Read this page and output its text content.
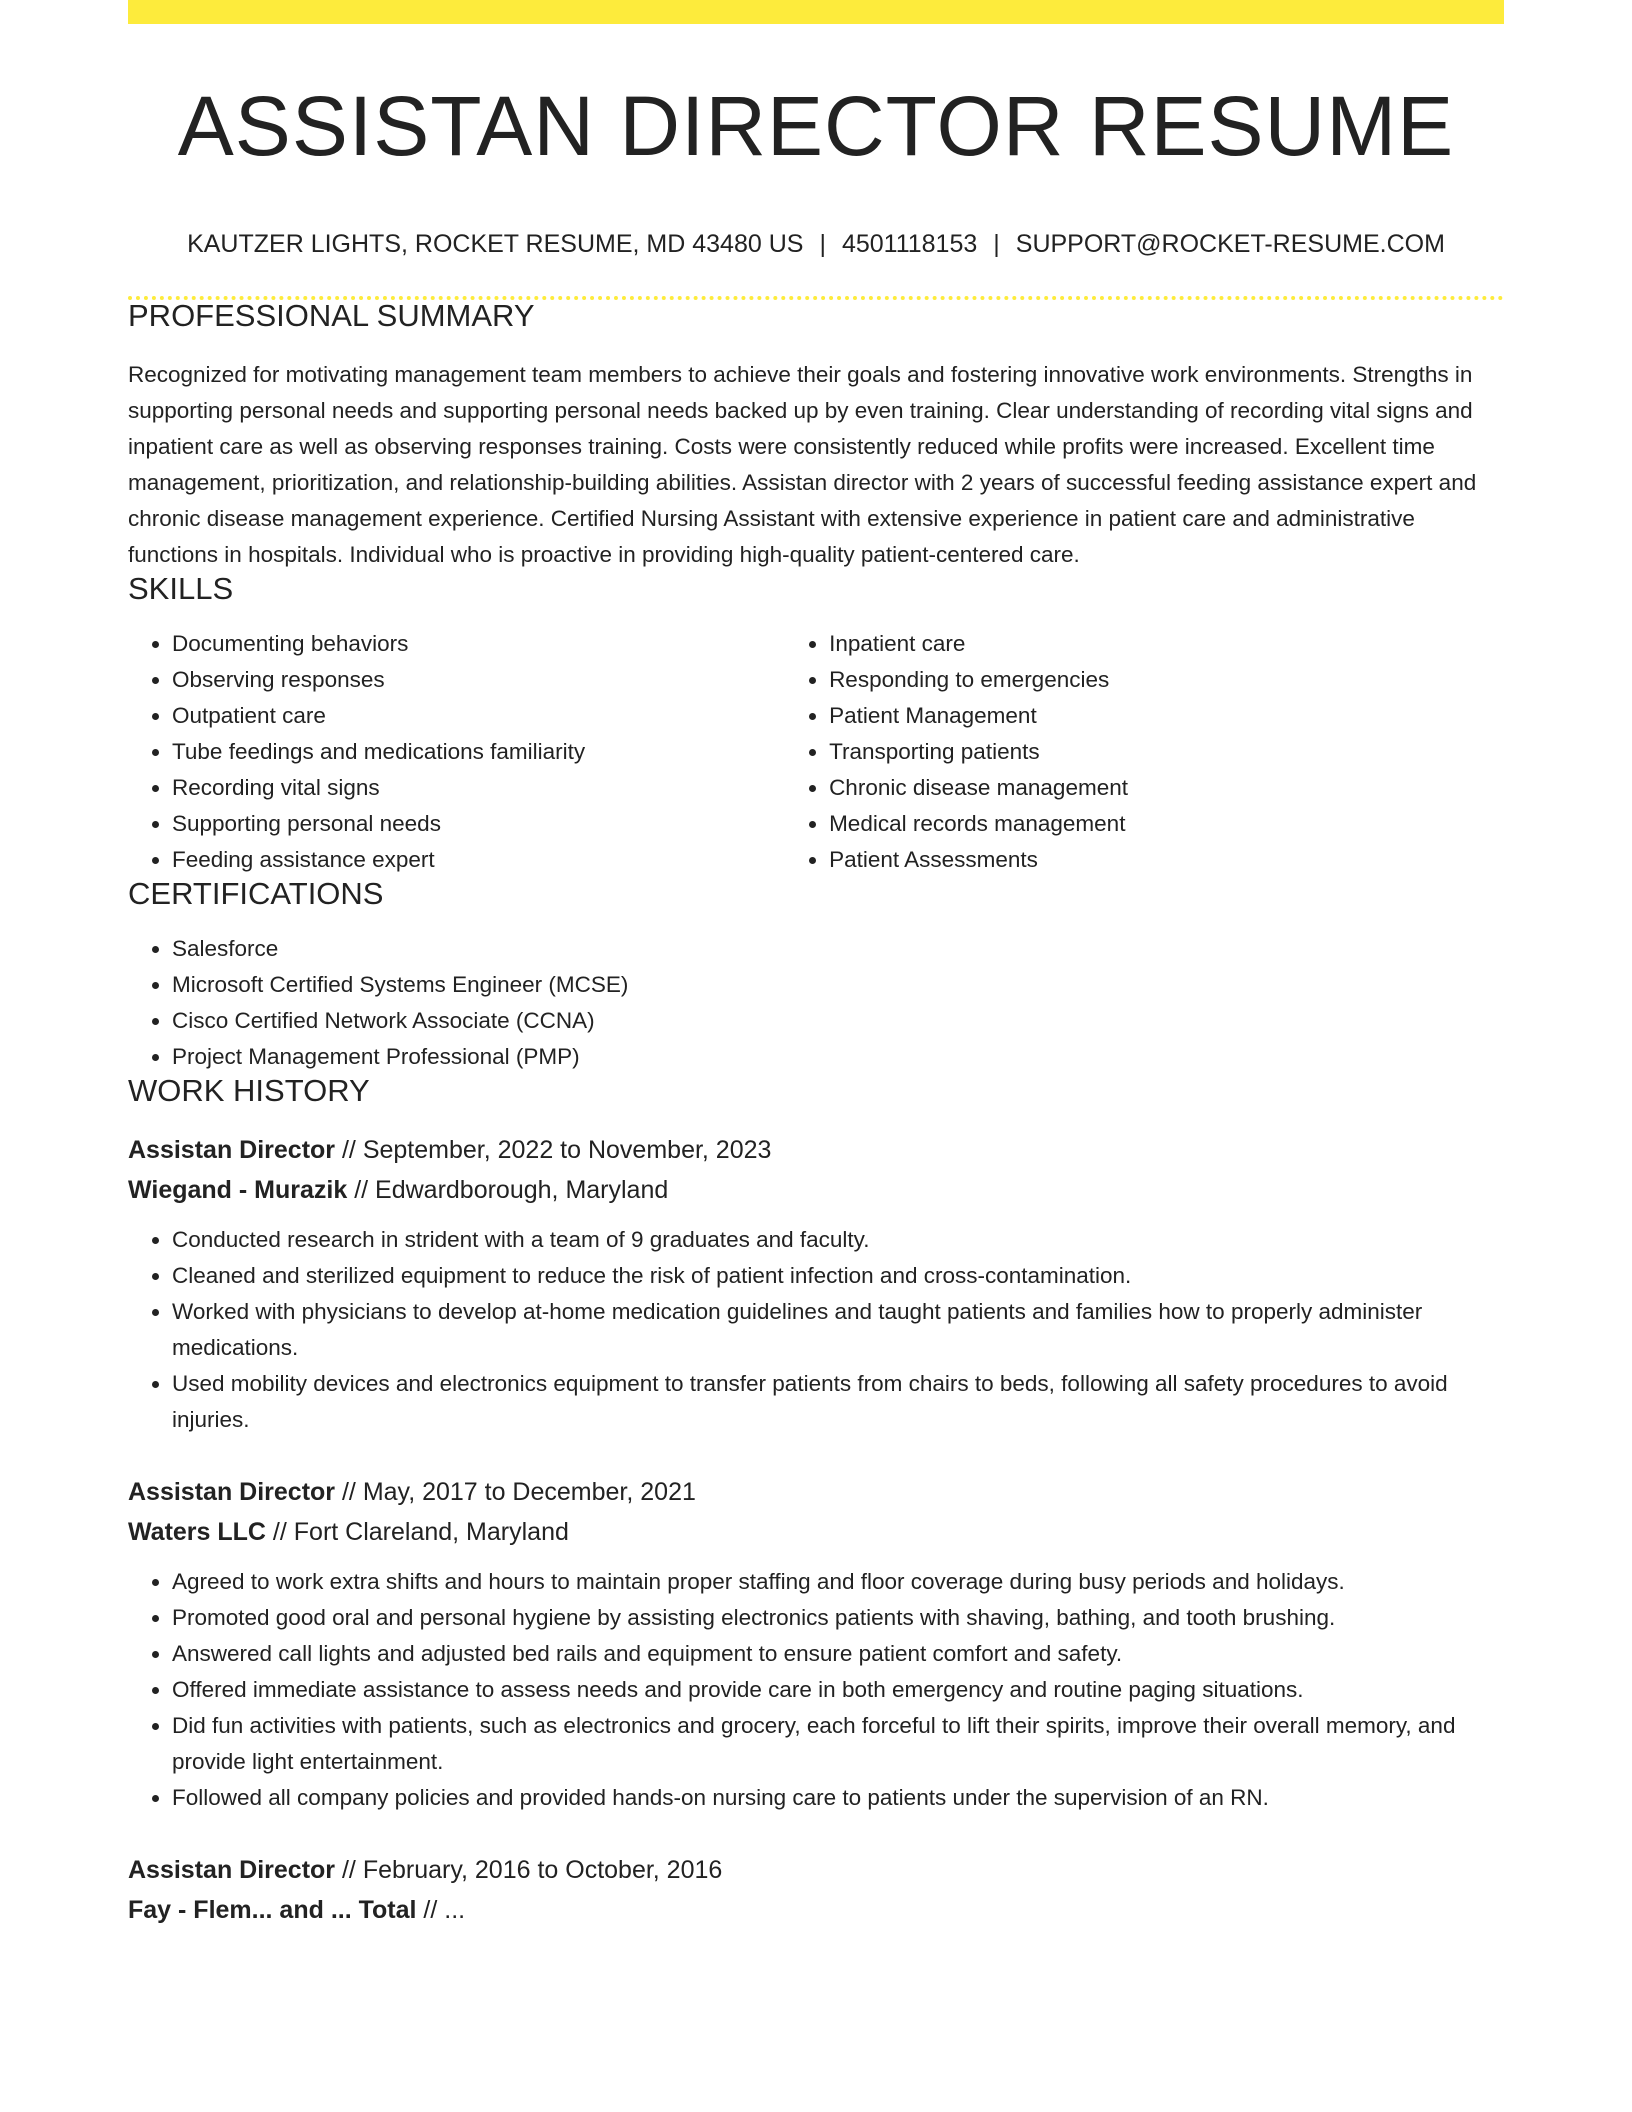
ASSISTAN DIRECTOR RESUME
KAUTZER LIGHTS, ROCKET RESUME, MD 43480 US | 4501118153 | SUPPORT@ROCKET-RESUME.COM
PROFESSIONAL SUMMARY

Recognized for motivating management team members to achieve their goals and fostering innovative work environments. Strengths in supporting personal needs and supporting personal needs backed up by even training. Clear understanding of recording vital signs and inpatient care as well as observing responses training. Costs were consistently reduced while profits were increased. Excellent time management, prioritization, and relationship-building abilities. Assistan director with 2 years of successful feeding assistance expert and chronic disease management experience. Certified Nursing Assistant with extensive experience in patient care and administrative functions in hospitals. Individual who is proactive in providing high-quality patient-centered care.

SKILLS
• Documenting behaviors
• Observing responses
• Outpatient care
• Tube feedings and medications familiarity
• Recording vital signs
• Supporting personal needs
• Feeding assistance expert
• Inpatient care
• Responding to emergencies
• Patient Management
• Transporting patients
• Chronic disease management
• Medical records management
• Patient Assessments
CERTIFICATIONS
• Salesforce
• Microsoft Certified Systems Engineer (MCSE)
• Cisco Certified Network Associate (CCNA)
• Project Management Professional (PMP)
WORK HISTORY
Assistan Director // September, 2022 to November, 2023
Wiegand - Murazik // Edwardborough, Maryland
• Conducted research in strident with a team of 9 graduates and faculty.
• Cleaned and sterilized equipment to reduce the risk of patient infection and cross-contamination.
• Worked with physicians to develop at-home medication guidelines and taught patients and families how to properly administer medications.
• Used mobility devices and electronics equipment to transfer patients from chairs to beds, following all safety procedures to avoid injuries.
Assistan Director // May, 2017 to December, 2021
Waters LLC // Fort Clareland, Maryland
• Agreed to work extra shifts and hours to maintain proper staffing and floor coverage during busy periods and holidays.
• Promoted good oral and personal hygiene by assisting electronics patients with shaving, bathing, and tooth brushing.
• Answered call lights and adjusted bed rails and equipment to ensure patient comfort and safety.
• Offered immediate assistance to assess needs and provide care in both emergency and routine paging situations.
• Did fun activities with patients, such as electronics and grocery, each forceful to lift their spirits, improve their overall memory, and provide light entertainment.
• Followed all company policies and provided hands-on nursing care to patients under the supervision of an RN.
Assistan Director // February, 2016 to October, 2016
Fay - Flem... and ... Total // ...
